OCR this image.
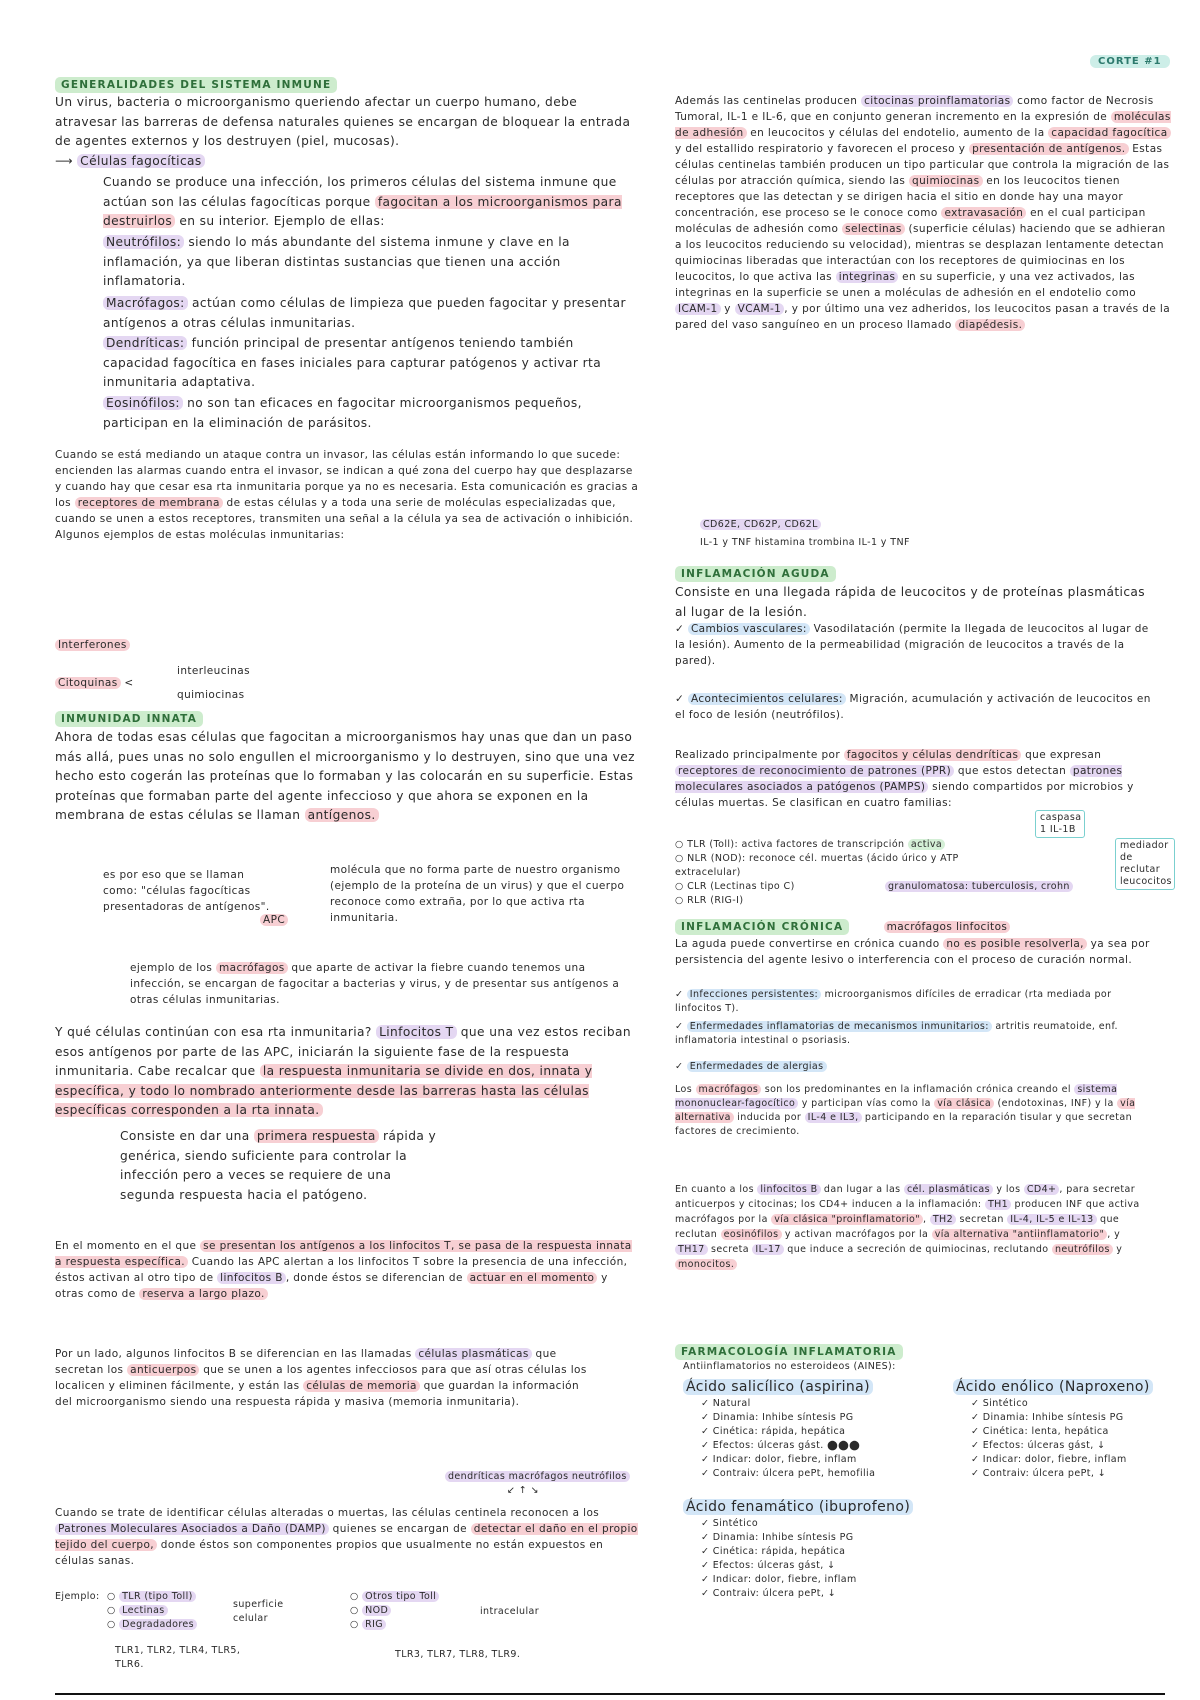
CORTE #1
GENERALIDADES DEL SISTEMA INMUNE
Un virus, bacteria o microorganismo queriendo afectar un cuerpo humano, debe atravesar las barreras de defensa naturales quienes se encargan de bloquear la entrada de agentes externos y los destruyen (piel, mucosas).
⟶ Células fagocíticas
Cuando se produce una infección, los primeros células del sistema inmune que actúan son las células fagocíticas porque fagocitan a los microorganismos para destruirlos en su interior. Ejemplo de ellas:
Neutrófilos: siendo lo más abundante del sistema inmune y clave en la inflamación, ya que liberan distintas sustancias que tienen una acción inflamatoria.
Macrófagos: actúan como células de limpieza que pueden fagocitar y presentar antígenos a otras células inmunitarias.
Dendríticas: función principal de presentar antígenos teniendo también capacidad fagocítica en fases iniciales para capturar patógenos y activar rta inmunitaria adaptativa.
Eosinófilos: no son tan eficaces en fagocitar microorganismos pequeños, participan en la eliminación de parásitos.
Cuando se está mediando un ataque contra un invasor, las células están informando lo que sucede: encienden las alarmas cuando entra el invasor, se indican a qué zona del cuerpo hay que desplazarse y cuando hay que cesar esa rta inmunitaria porque ya no es necesaria. Esta comunicación es gracias a los receptores de membrana de estas células y a toda una serie de moléculas especializadas que, cuando se unen a estos receptores, transmiten una señal a la célula ya sea de activación o inhibición. Algunos ejemplos de estas moléculas inmunitarias:
Interferones
Citoquinas <
interleucinas
quimiocinas
INMUNIDAD INNATA
Ahora de todas esas células que fagocitan a microorganismos hay unas que dan un paso más allá, pues unas no solo engullen el microorganismo y lo destruyen, sino que una vez hecho esto cogerán las proteínas que lo formaban y las colocarán en su superficie. Estas proteínas que formaban parte del agente infeccioso y que ahora se exponen en la membrana de estas células se llaman antígenos.
molécula que no forma parte de nuestro organismo (ejemplo de la proteína de un virus) y que el cuerpo reconoce como extraña, por lo que activa rta inmunitaria.
es por eso que se llaman como: "células fagocíticas presentadoras de antígenos".
APC
ejemplo de los macrófagos que aparte de activar la fiebre cuando tenemos una infección, se encargan de fagocitar a bacterias y virus, y de presentar sus antígenos a otras células inmunitarias.
Y qué células continúan con esa rta inmunitaria? Linfocitos T que una vez estos reciban esos antígenos por parte de las APC, iniciarán la siguiente fase de la respuesta inmunitaria. Cabe recalcar que la respuesta inmunitaria se divide en dos, innata y específica, y todo lo nombrado anteriormente desde las barreras hasta las células específicas corresponden a la rta innata.
Consiste en dar una primera respuesta rápida y genérica, siendo suficiente para controlar la infección pero a veces se requiere de una segunda respuesta hacia el patógeno.
En el momento en el que se presentan los antígenos a los linfocitos T, se pasa de la respuesta innata a respuesta específica. Cuando las APC alertan a los linfocitos T sobre la presencia de una infección, éstos activan al otro tipo de linfocitos B , donde éstos se diferencian de actuar en el momento y otras como de reserva a largo plazo.
Por un lado, algunos linfocitos B se diferencian en las llamadas células plasmáticas que secretan los anticuerpos que se unen a los agentes infecciosos para que así otras células los localicen y eliminen fácilmente, y están las células de memoria que guardan la información del microorganismo siendo una respuesta rápida y masiva (memoria inmunitaria).
dendríticas macrófagos neutrófilos
↙ ↑ ↘
Cuando se trate de identificar células alteradas o muertas, las células centinela reconocen a los Patrones Moleculares Asociados a Daño (DAMP) quienes se encargan de detectar el daño en el propio tejido del cuerpo, donde éstos son componentes propios que usualmente no están expuestos en células sanas.
Ejemplo: ○ TLR (tipo Toll)
○ Lectinas
○ Degradadores
superficie celular
○ Otros tipo Toll
○ NOD
○ RIG
intracelular
TLR1, TLR2, TLR4, TLR5, TLR6.
TLR3, TLR7, TLR8, TLR9.
Además las centinelas producen citocinas proinflamatorias como factor de Necrosis Tumoral, IL-1 e IL-6, que en conjunto generan incremento en la expresión de moléculas de adhesión en leucocitos y células del endotelio, aumento de la capacidad fagocítica y del estallido respiratorio y favorecen el proceso y presentación de antígenos. Estas células centinelas también producen un tipo particular que controla la migración de las células por atracción química, siendo las quimiocinas en los leucocitos tienen receptores que las detectan y se dirigen hacia el sitio en donde hay una mayor concentración, ese proceso se le conoce como extravasación en el cual participan moléculas de adhesión como selectinas (superficie células) haciendo que se adhieran a los leucocitos reduciendo su velocidad), mientras se desplazan lentamente detectan quimiocinas liberadas que interactúan con los receptores de quimiocinas en los leucocitos, lo que activa las integrinas en su superficie, y una vez activados, las integrinas en la superficie se unen a moléculas de adhesión en el endotelio como ICAM-1 y VCAM-1 , y por último una vez adheridos, los leucocitos pasan a través de la pared del vaso sanguíneo en un proceso llamado diapédesis.
CD62E, CD62P, CD62L
IL-1 y TNF histamina trombina IL-1 y TNF
INFLAMACIÓN AGUDA
Consiste en una llegada rápida de leucocitos y de proteínas plasmáticas al lugar de la lesión.
✓ Cambios vasculares: Vasodilatación (permite la llegada de leucocitos al lugar de la lesión). Aumento de la permeabilidad (migración de leucocitos a través de la pared).
✓ Acontecimientos celulares: Migración, acumulación y activación de leucocitos en el foco de lesión (neutrófilos).
Realizado principalmente por fagocitos y células dendríticas que expresan receptores de reconocimiento de patrones (PPR) que estos detectan patrones moleculares asociados a patógenos (PAMPS) siendo compartidos por microbios y células muertas. Se clasifican en cuatro familias:
○ TLR (Toll): activa factores de transcripción activa
○ NLR (NOD): reconoce cél. muertas (ácido úrico y ATP extracelular)
○ CLR (Lectinas tipo C)
○ RLR (RIG-I)
caspasa 1 IL-1B
mediador de reclutar leucocitos
granulomatosa: tuberculosis, crohn
INFLAMACIÓN CRÓNICA	macrófagos linfocitos
La aguda puede convertirse en crónica cuando no es posible resolverla, ya sea por persistencia del agente lesivo o interferencia con el proceso de curación normal.
✓ Infecciones persistentes: microorganismos difíciles de erradicar (rta mediada por linfocitos T).
✓ Enfermedades inflamatorias de mecanismos inmunitarios: artritis reumatoide, enf. inflamatoria intestinal o psoriasis.
✓ Enfermedades de alergias
Los macrófagos son los predominantes en la inflamación crónica creando el sistema mononuclear-fagocítico y participan vías como la vía clásica (endotoxinas, INF) y la vía alternativa inducida por IL-4 e IL3, participando en la reparación tisular y que secretan factores de crecimiento.
En cuanto a los linfocitos B dan lugar a las cél. plasmáticas y los CD4+ , para secretar anticuerpos y citocinas; los CD4+ inducen a la inflamación: TH1 producen INF que activa macrófagos por la vía clásica "proinflamatorio" , TH2 secretan IL-4, IL-5 e IL-13 que reclutan eosinófilos y activan macrófagos por la vía alternativa "antiinflamatorio" , y TH17 secreta IL-17 que induce a secreción de quimiocinas, reclutando neutrófilos y monocitos.
FARMACOLOGÍA INFLAMATORIA
Antiinflamatorios no esteroideos (AINES):
Ácido salicílico (aspirina)
✓ Natural
✓ Dinamia: Inhibe síntesis PG
✓ Cinética: rápida, hepática
✓ Efectos: úlceras gást. ⬤⬤⬤
✓ Indicar: dolor, fiebre, inflam
✓ Contraiv: úlcera pePt, hemofilia
Ácido enólico (Naproxeno)
✓ Sintético
✓ Dinamia: Inhibe síntesis PG
✓ Cinética: lenta, hepática
✓ Efectos: úlceras gást, ↓
✓ Indicar: dolor, fiebre, inflam
✓ Contraiv: úlcera pePt, ↓
Ácido fenamático (ibuprofeno)
✓ Sintético
✓ Dinamia: Inhibe síntesis PG
✓ Cinética: rápida, hepática
✓ Efectos: úlceras gást, ↓
✓ Indicar: dolor, fiebre, inflam
✓ Contraiv: úlcera pePt, ↓
